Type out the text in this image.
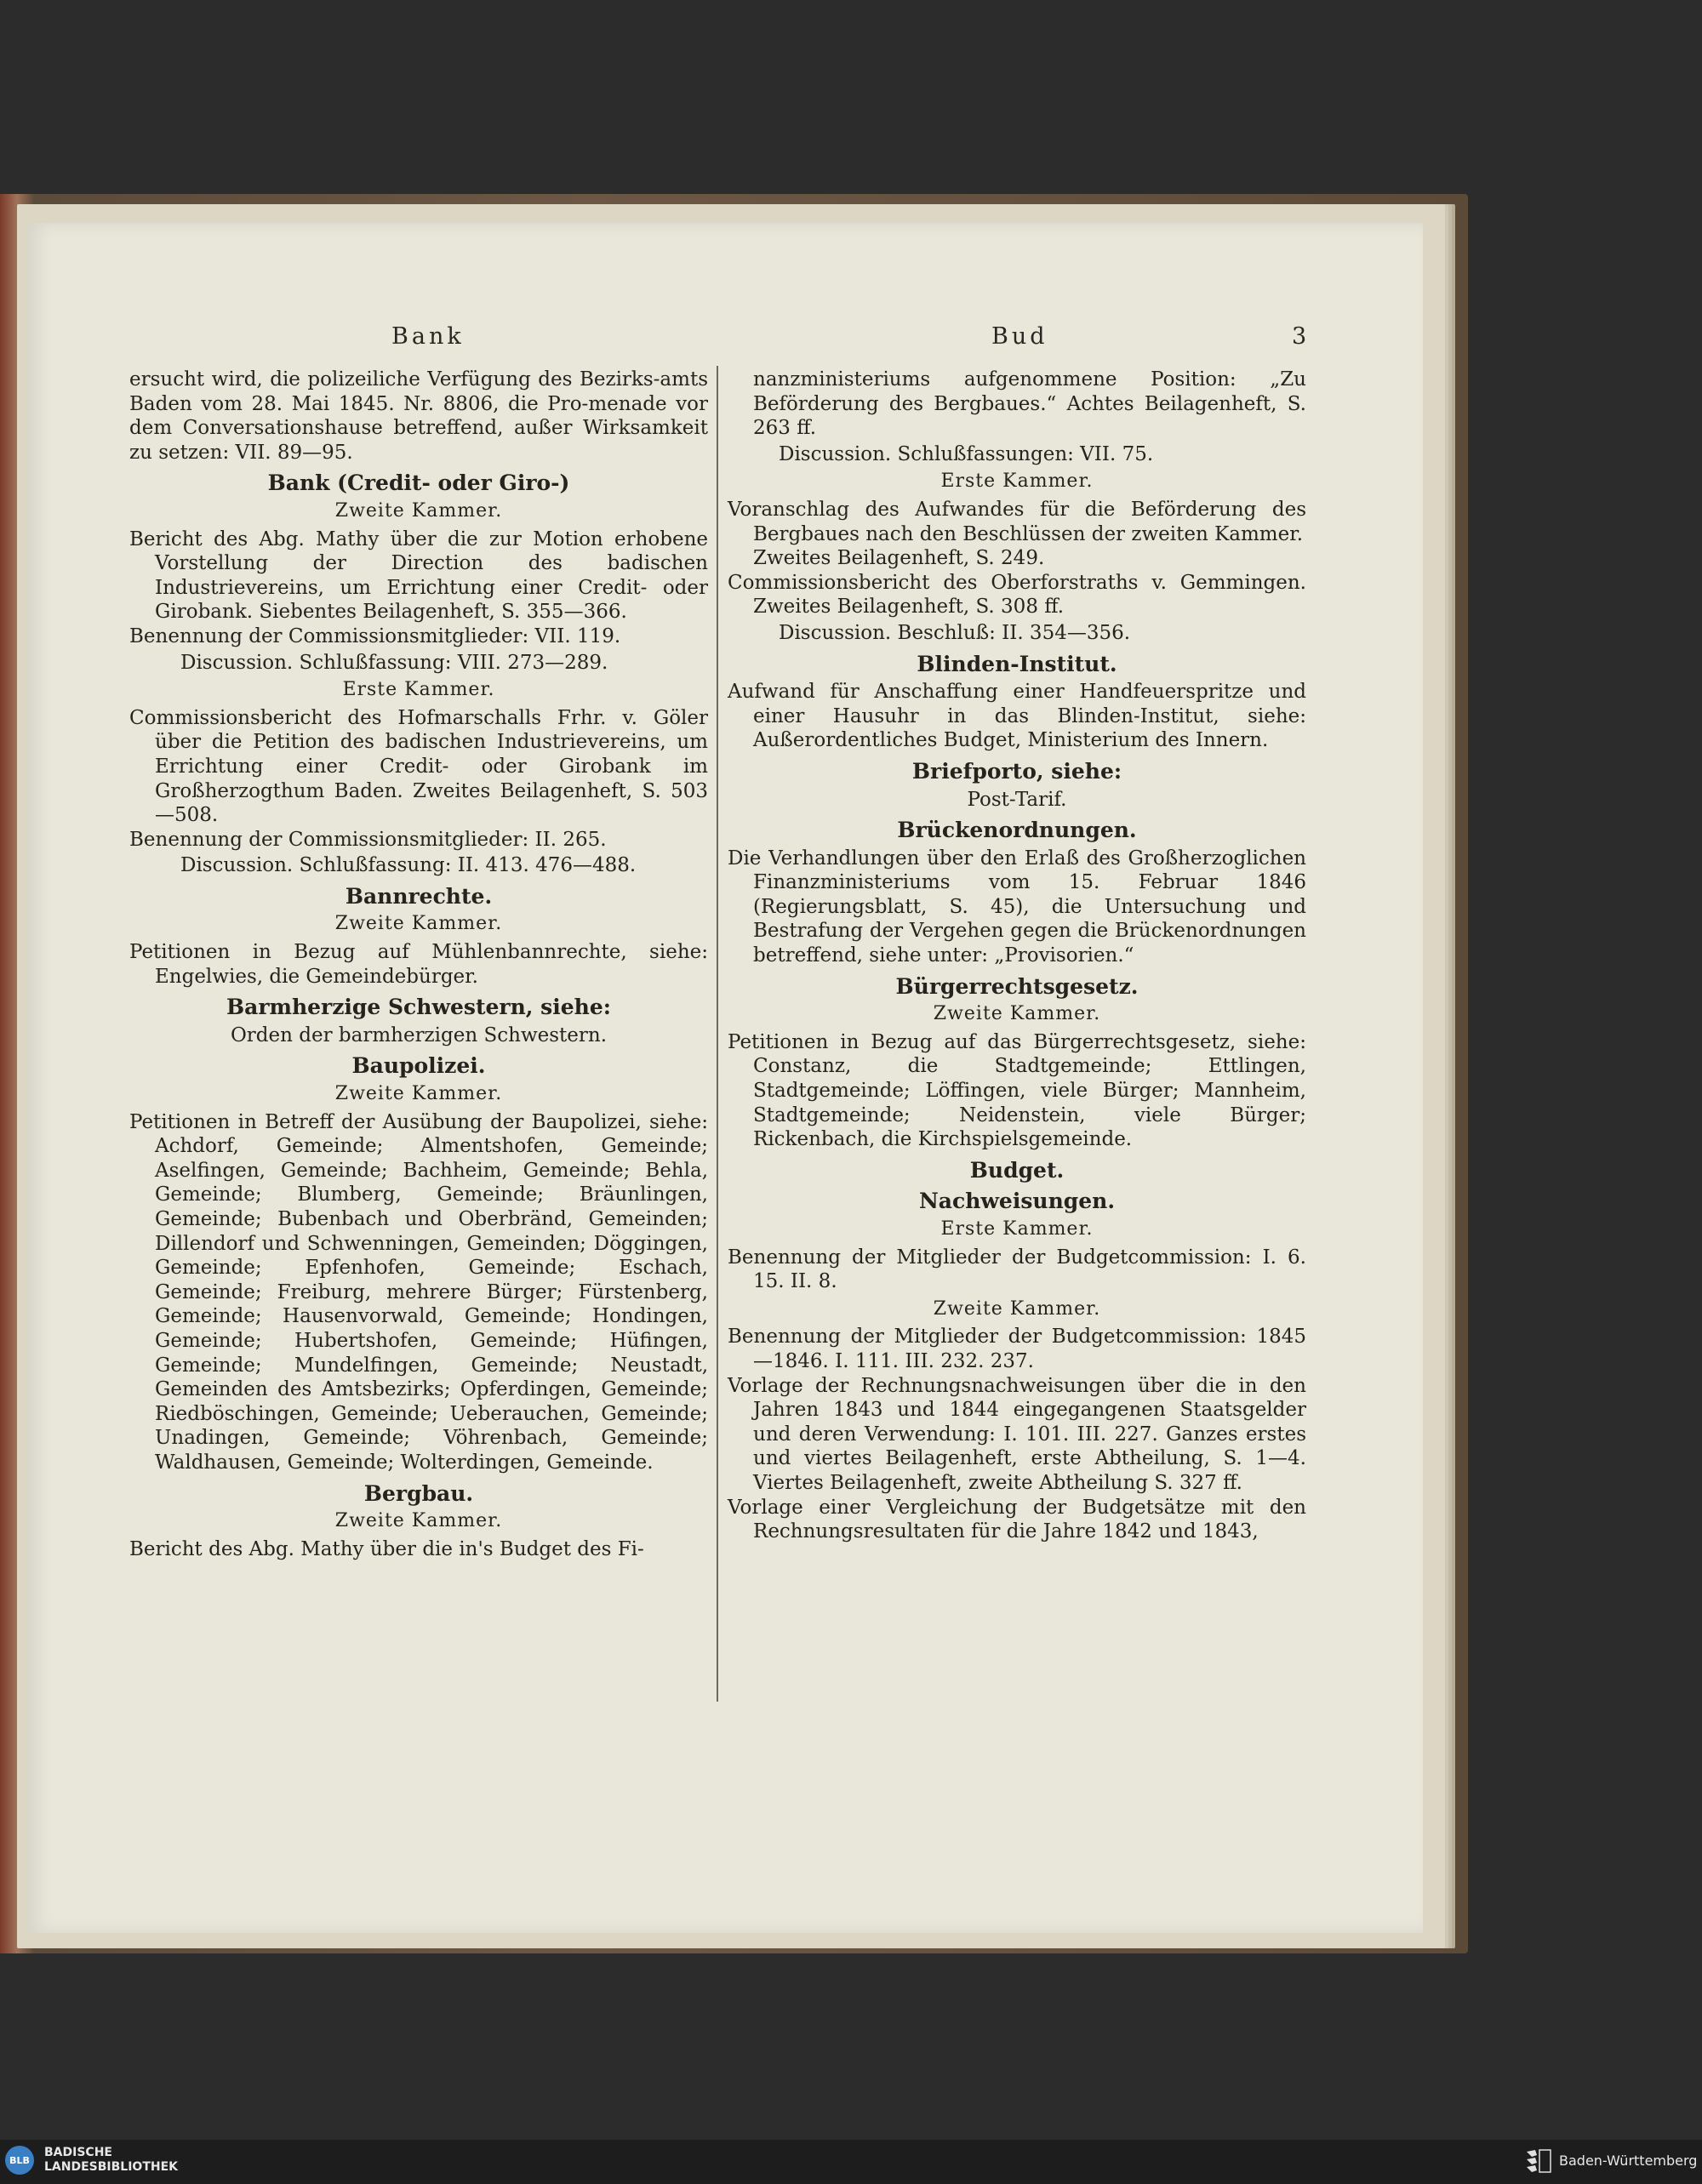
Bank	Bud	3

ersucht wird, die polizeiliche Verfügung des Bezirks-amts Baden vom 28. Mai 1845. Nr. 8806, die Pro-menade vor dem Conversationshause betreffend, außer Wirksamkeit zu setzen: VII. 89—95.

Bank (Credit- oder Giro-)

Zweite Kammer.

Bericht des Abg. Mathy über die zur Motion erhobene Vorstellung der Direction des badischen Industrievereins, um Errichtung einer Credit- oder Girobank. Siebentes Beilagenheft, S. 355—366.

Benennung der Commissionsmitglieder: VII. 119.

Discussion. Schlußfassung: VIII. 273—289.

Erste Kammer.

Commissionsbericht des Hofmarschalls Frhr. v. Göler über die Petition des badischen Industrievereins, um Errichtung einer Credit- oder Girobank im Großherzogthum Baden. Zweites Beilagenheft, S. 503—508.

Benennung der Commissionsmitglieder: II. 265.

Discussion. Schlußfassung: II. 413. 476—488.

Bannrechte.

Zweite Kammer.

Petitionen in Bezug auf Mühlenbannrechte, siehe: Engelwies, die Gemeindebürger.

Barmherzige Schwestern, siehe:

Orden der barmherzigen Schwestern.

Baupolizei.

Zweite Kammer.

Petitionen in Betreff der Ausübung der Baupolizei, siehe: Achdorf, Gemeinde; Almentshofen, Gemeinde; Aselfingen, Gemeinde; Bachheim, Gemeinde; Behla, Gemeinde; Blumberg, Gemeinde; Bräunlingen, Gemeinde; Bubenbach und Oberbränd, Gemeinden; Dillendorf und Schwenningen, Gemeinden; Döggingen, Gemeinde; Epfenhofen, Gemeinde; Eschach, Gemeinde; Freiburg, mehrere Bürger; Fürstenberg, Gemeinde; Hausenvorwald, Gemeinde; Hondingen, Gemeinde; Hubertshofen, Gemeinde; Hüfingen, Gemeinde; Mundelfingen, Gemeinde; Neustadt, Gemeinden des Amtsbezirks; Opferdingen, Gemeinde; Riedböschingen, Gemeinde; Ueberauchen, Gemeinde; Unadingen, Gemeinde; Vöhrenbach, Gemeinde; Waldhausen, Gemeinde; Wolterdingen, Gemeinde.

Bergbau.

Zweite Kammer.

Bericht des Abg. Mathy über die in's Budget des Fi-

nanzministeriums aufgenommene Position: „Zu Beförderung des Bergbaues.“ Achtes Beilagenheft, S. 263 ff.

Discussion. Schlußfassungen: VII. 75.

Erste Kammer.

Voranschlag des Aufwandes für die Beförderung des Bergbaues nach den Beschlüssen der zweiten Kammer.

Zweites Beilagenheft, S. 249.

Commissionsbericht des Oberforstraths v. Gemmingen. Zweites Beilagenheft, S. 308 ff.

Discussion. Beschluß: II. 354—356.

Blinden-Institut.

Aufwand für Anschaffung einer Handfeuerspritze und einer Hausuhr in das Blinden-Institut, siehe: Außerordentliches Budget, Ministerium des Innern.

Briefporto, siehe:

Post-Tarif.

Brückenordnungen.

Die Verhandlungen über den Erlaß des Großherzoglichen Finanzministeriums vom 15. Februar 1846 (Regierungsblatt, S. 45), die Untersuchung und Bestrafung der Vergehen gegen die Brückenordnungen betreffend, siehe unter: „Provisorien.“

Bürgerrechtsgesetz.

Zweite Kammer.

Petitionen in Bezug auf das Bürgerrechtsgesetz, siehe: Constanz, die Stadtgemeinde; Ettlingen, Stadtgemeinde; Löffingen, viele Bürger; Mannheim, Stadtgemeinde; Neidenstein, viele Bürger; Rickenbach, die Kirchspielsgemeinde.

Budget.

Nachweisungen.

Erste Kammer.

Benennung der Mitglieder der Budgetcommission: I. 6. 15. II. 8.

Zweite Kammer.

Benennung der Mitglieder der Budgetcommission: 1845—1846. I. 111. III. 232. 237.

Vorlage der Rechnungsnachweisungen über die in den Jahren 1843 und 1844 eingegangenen Staatsgelder und deren Verwendung: I. 101. III. 227. Ganzes erstes und viertes Beilagenheft, erste Abtheilung, S. 1—4. Viertes Beilagenheft, zweite Abtheilung S. 327 ff.

Vorlage einer Vergleichung der Budgetsätze mit den Rechnungsresultaten für die Jahre 1842 und 1843,

BLB
BADISCHE
LANDESBIBLIOTHEK	Baden-Württemberg
